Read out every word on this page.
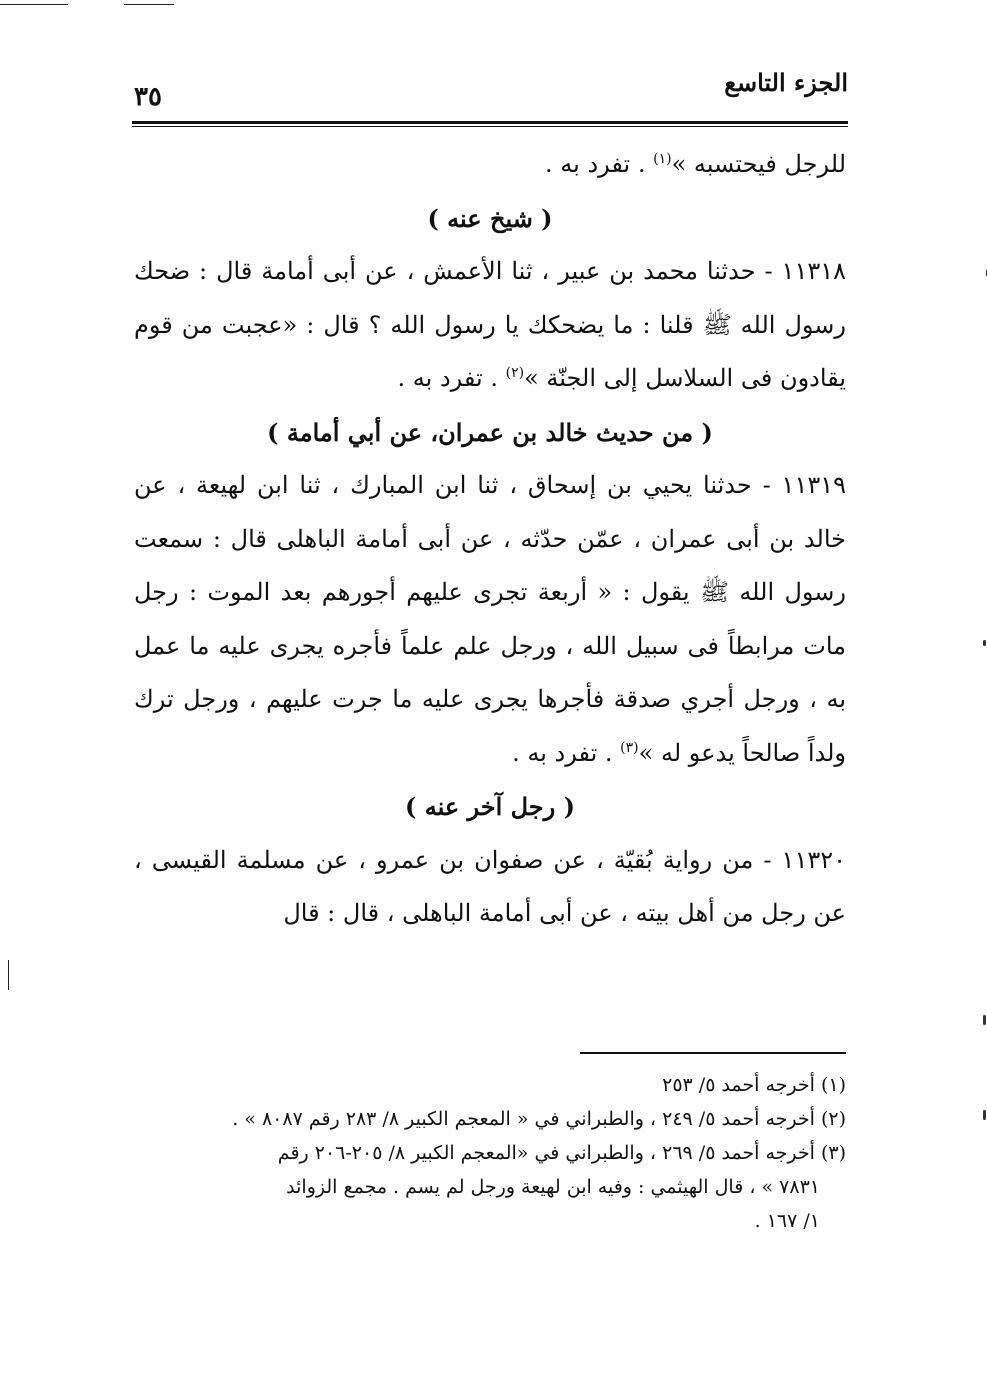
الجزء التاسع
٣٥

للرجل فيحتسبه »$^{(١)}$ . تفرد به .

( شيخ عنه )

١١٣١٨ - حدثنا محمد بن عبير ، ثنا الأعمش ، عن أبى أمامة قال : ضحك رسول الله ﷺ قلنا : ما يضحكك يا رسول الله ؟ قال : «عجبت من قوم يقادون فى السلاسل إلى الجنّة »$^{(٢)}$ . تفرد به .

( من حديث خالد بن عمران، عن أبي أمامة )

١١٣١٩ - حدثنا يحيي بن إسحاق ، ثنا ابن المبارك ، ثنا ابن لهيعة ، عن خالد بن أبى عمران ، عمّن حدّثه ، عن أبى أمامة الباهلى قال : سمعت رسول الله ﷺ يقول : « أربعة تجرى عليهم أجورهم بعد الموت : رجل مات مرابطاً فى سبيل الله ، ورجل علم علماً فأجره يجرى عليه ما عمل به ، ورجل أجري صدقة فأجرها يجرى عليه ما جرت عليهم ، ورجل ترك ولداً صالحاً يدعو له »$^{(٣)}$ . تفرد به .

( رجل آخر عنه )

١١٣٢٠ - من رواية بُقيّة ، عن صفوان بن عمرو ، عن مسلمة القيسى ، عن رجل من أهل بيته ، عن أبى أمامة الباهلى ، قال : قال

(١) أخرجه أحمد ٥/ ٢٥٣

(٢) أخرجه أحمد ٥/ ٢٤٩ ، والطبراني في « المعجم الكبير ٨/ ٢٨٣ رقم ٨٠٨٧ » .

(٣) أخرجه أحمد ٥/ ٢٦٩ ، والطبراني في «المعجم الكبير ٨/ ٢٠٥-٢٠٦ رقم

٧٨٣١ » ، قال الهيثمي : وفيه ابن لهيعة ورجل لم يسم . مجمع الزوائد

١/ ١٦٧ .
